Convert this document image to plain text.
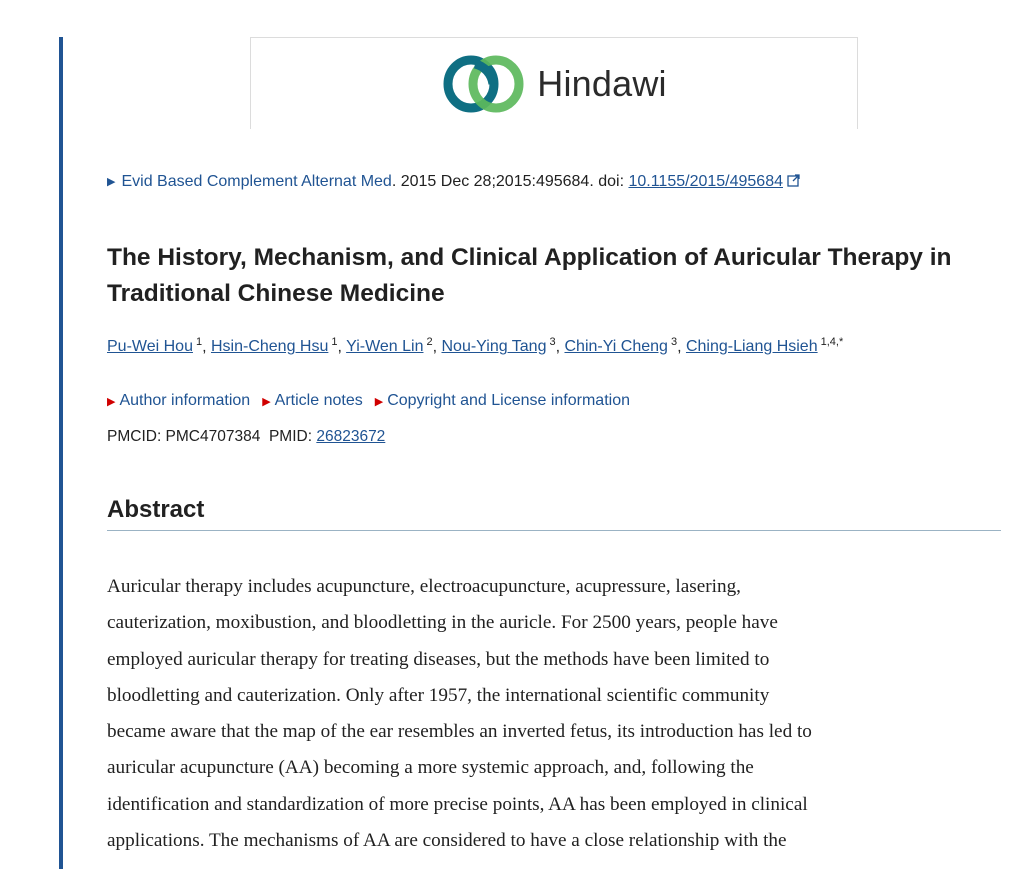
Hindawi
▶ Evid Based Complement Alternat Med. 2015 Dec 28;2015:495684. doi: 10.1155/2015/495684
The History, Mechanism, and Clinical Application of Auricular Therapy in Traditional Chinese Medicine
Pu-Wei Hou $^1$, Hsin-Cheng Hsu $^1$, Yi-Wen Lin $^2$, Nou-Ying Tang $^3$, Chin-Yi Cheng $^3$, Ching-Liang Hsieh $^{1,4,*}$
▶ Author information ▶ Article notes ▶ Copyright and License information
PMCID: PMC4707384 PMID: 26823672
Abstract
Auricular therapy includes acupuncture, electroacupuncture, acupressure, lasering,
cauterization, moxibustion, and bloodletting in the auricle. For 2500 years, people have
employed auricular therapy for treating diseases, but the methods have been limited to
bloodletting and cauterization. Only after 1957, the international scientific community
became aware that the map of the ear resembles an inverted fetus, its introduction has led to
auricular acupuncture (AA) becoming a more systemic approach, and, following the
identification and standardization of more precise points, AA has been employed in clinical
applications. The mechanisms of AA are considered to have a close relationship with the
